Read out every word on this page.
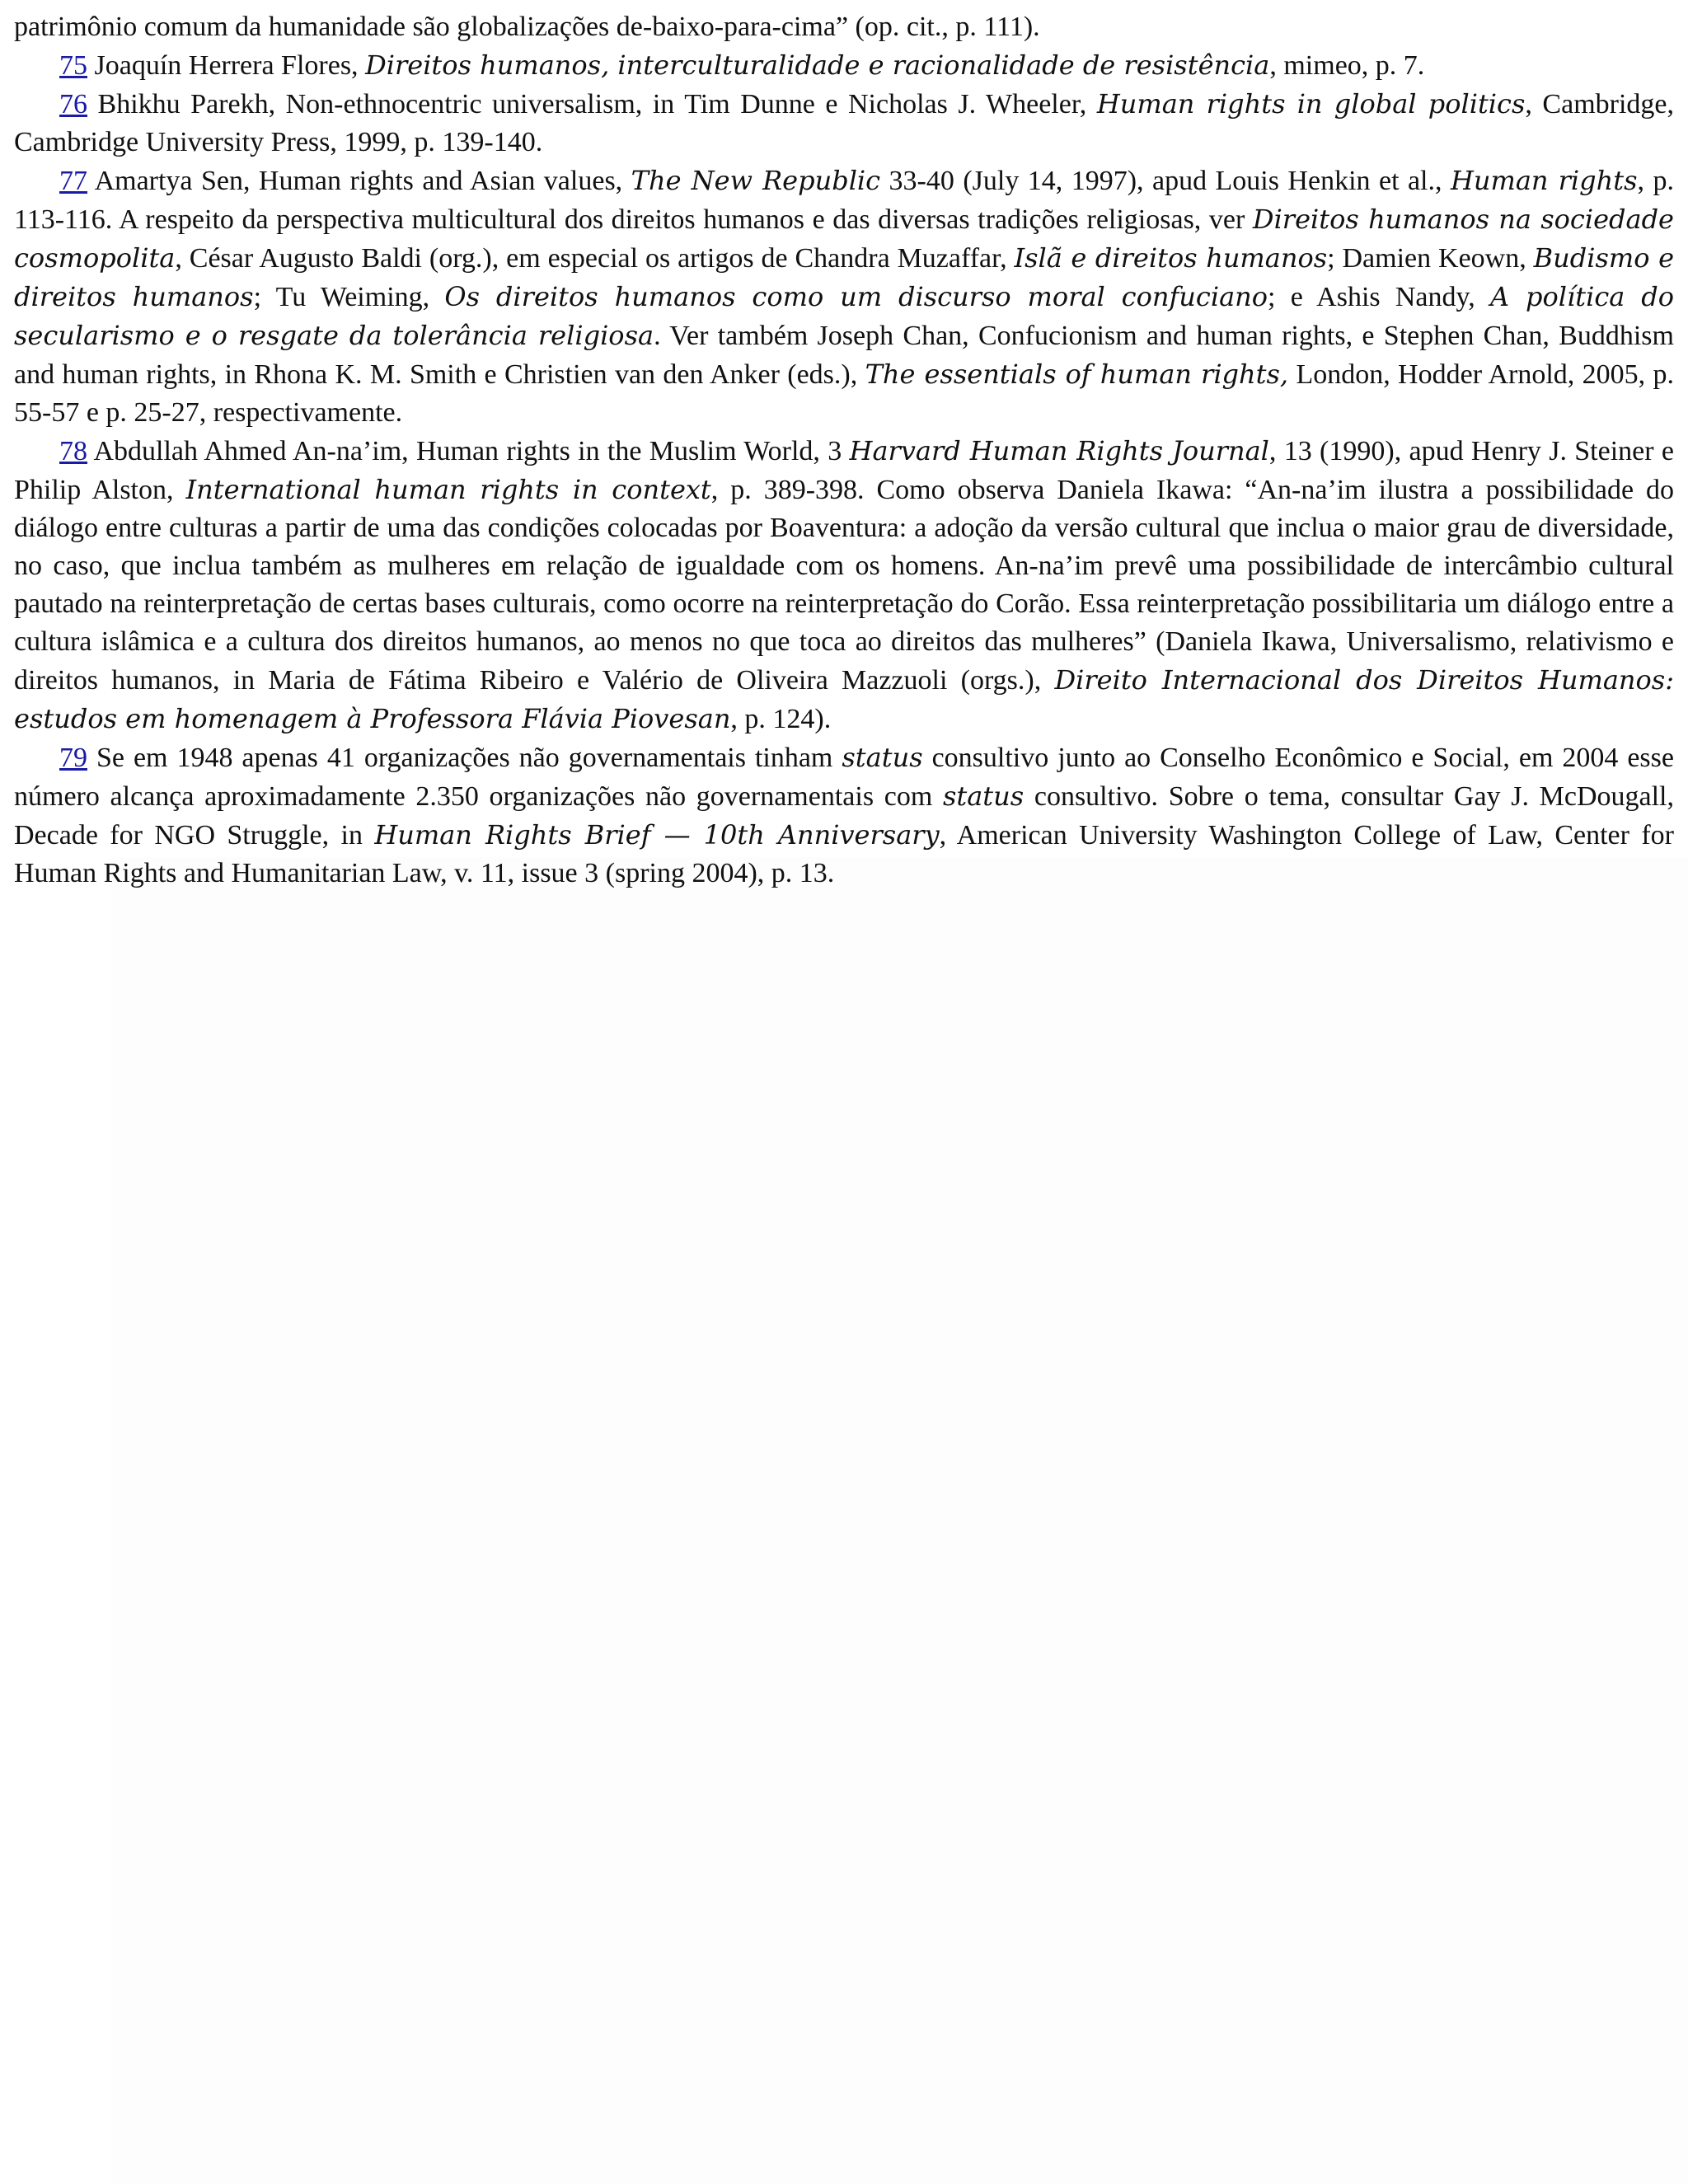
patrimônio comum da humanidade são globalizações de-baixo-para-cima” (op. cit., p. 111).

75 Joaquín Herrera Flores, Direitos humanos, interculturalidade e racionalidade de resistência, mimeo, p. 7.

76 Bhikhu Parekh, Non-ethnocentric universalism, in Tim Dunne e Nicholas J. Wheeler, Human rights in global politics, Cambridge, Cambridge University Press, 1999, p. 139-140.

77 Amartya Sen, Human rights and Asian values, The New Republic 33-40 (July 14, 1997), apud Louis Henkin et al., Human rights, p. 113-116. A respeito da perspectiva multicultural dos direitos humanos e das diversas tradições religiosas, ver Direitos humanos na sociedade cosmopolita, César Augusto Baldi (org.), em especial os artigos de Chandra Muzaffar, Islã e direitos humanos; Damien Keown, Budismo e direitos humanos; Tu Weiming, Os direitos humanos como um discurso moral confuciano; e Ashis Nandy, A política do secularismo e o resgate da tolerância religiosa. Ver também Joseph Chan, Confucionism and human rights, e Stephen Chan, Buddhism and human rights, in Rhona K. M. Smith e Christien van den Anker (eds.), The essentials of human rights, London, Hodder Arnold, 2005, p. 55-57 e p. 25-27, respectivamente.

78 Abdullah Ahmed An-na’im, Human rights in the Muslim World, 3 Harvard Human Rights Journal, 13 (1990), apud Henry J. Steiner e Philip Alston, International human rights in context, p. 389-398. Como observa Daniela Ikawa: “An-na’im ilustra a possibilidade do diálogo entre culturas a partir de uma das condições colocadas por Boaventura: a adoção da versão cultural que inclua o maior grau de diversidade, no caso, que inclua também as mulheres em relação de igualdade com os homens. An-na’im prevê uma possibilidade de intercâmbio cultural pautado na reinterpretação de certas bases culturais, como ocorre na reinterpretação do Corão. Essa reinterpretação possibilitaria um diálogo entre a cultura islâmica e a cultura dos direitos humanos, ao menos no que toca ao direitos das mulheres” (Daniela Ikawa, Universalismo, relativismo e direitos humanos, in Maria de Fátima Ribeiro e Valério de Oliveira Mazzuoli (orgs.), Direito Internacional dos Direitos Humanos: estudos em homenagem à Professora Flávia Piovesan, p. 124).

79 Se em 1948 apenas 41 organizações não governamentais tinham status consultivo junto ao Conselho Econômico e Social, em 2004 esse número alcança aproximadamente 2.350 organizações não governamentais com status consultivo. Sobre o tema, consultar Gay J. McDougall, Decade for NGO Struggle, in Human Rights Brief — 10th Anniversary, American University Washington College of Law, Center for Human Rights and Humanitarian Law, v. 11, issue 3 (spring 2004), p. 13.
